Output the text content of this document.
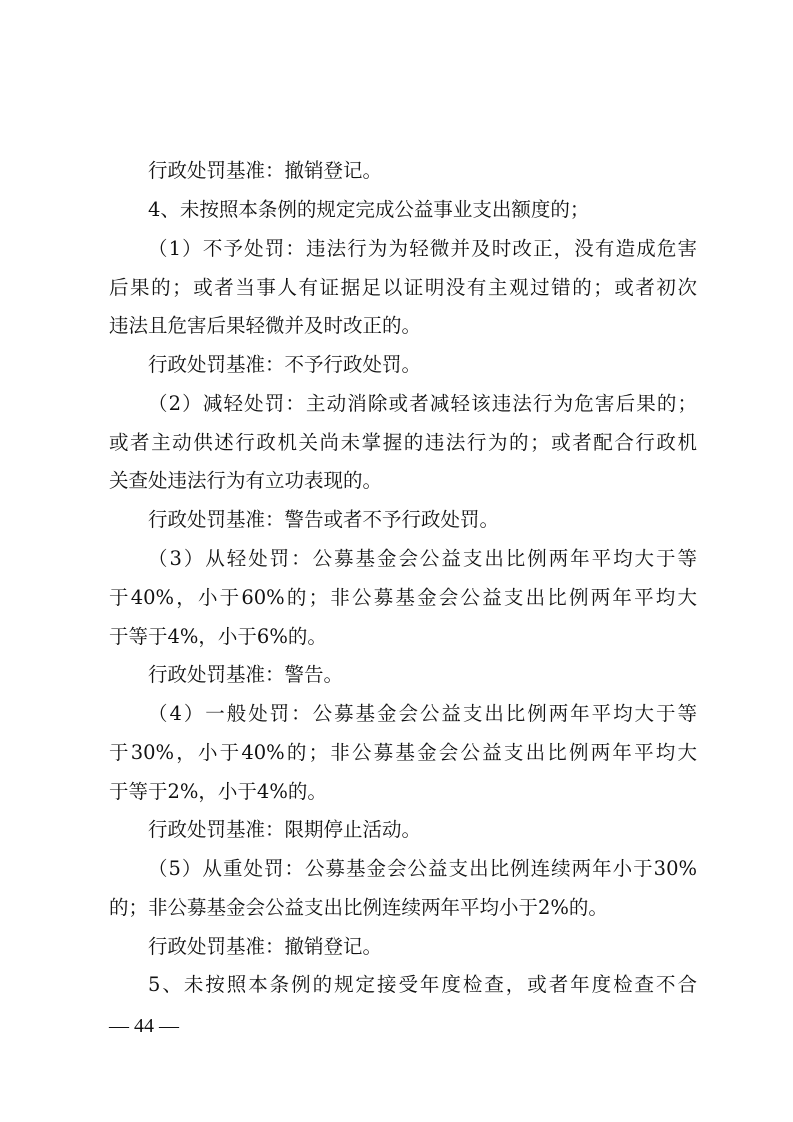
行政处罚基准：撤销登记。
4、未按照本条例的规定完成公益事业支出额度的；
（1）不予处罚：违法行为为轻微并及时改正，没有造成危害
后果的；或者当事人有证据足以证明没有主观过错的；或者初次
违法且危害后果轻微并及时改正的。
行政处罚基准：不予行政处罚。
（2）减轻处罚：主动消除或者减轻该违法行为危害后果的；
或者主动供述行政机关尚未掌握的违法行为的；或者配合行政机
关查处违法行为有立功表现的。
行政处罚基准：警告或者不予行政处罚。
（3）从轻处罚：公募基金会公益支出比例两年平均大于等
于40%，小于60%的；非公募基金会公益支出比例两年平均大
于等于4%，小于6%的。
行政处罚基准：警告。
（4）一般处罚：公募基金会公益支出比例两年平均大于等
于30%，小于40%的；非公募基金会公益支出比例两年平均大
于等于2%，小于4%的。
行政处罚基准：限期停止活动。
（5）从重处罚：公募基金会公益支出比例连续两年小于30%
的；非公募基金会公益支出比例连续两年平均小于2%的。
行政处罚基准：撤销登记。
5、未按照本条例的规定接受年度检查，或者年度检查不合
— 44 —
